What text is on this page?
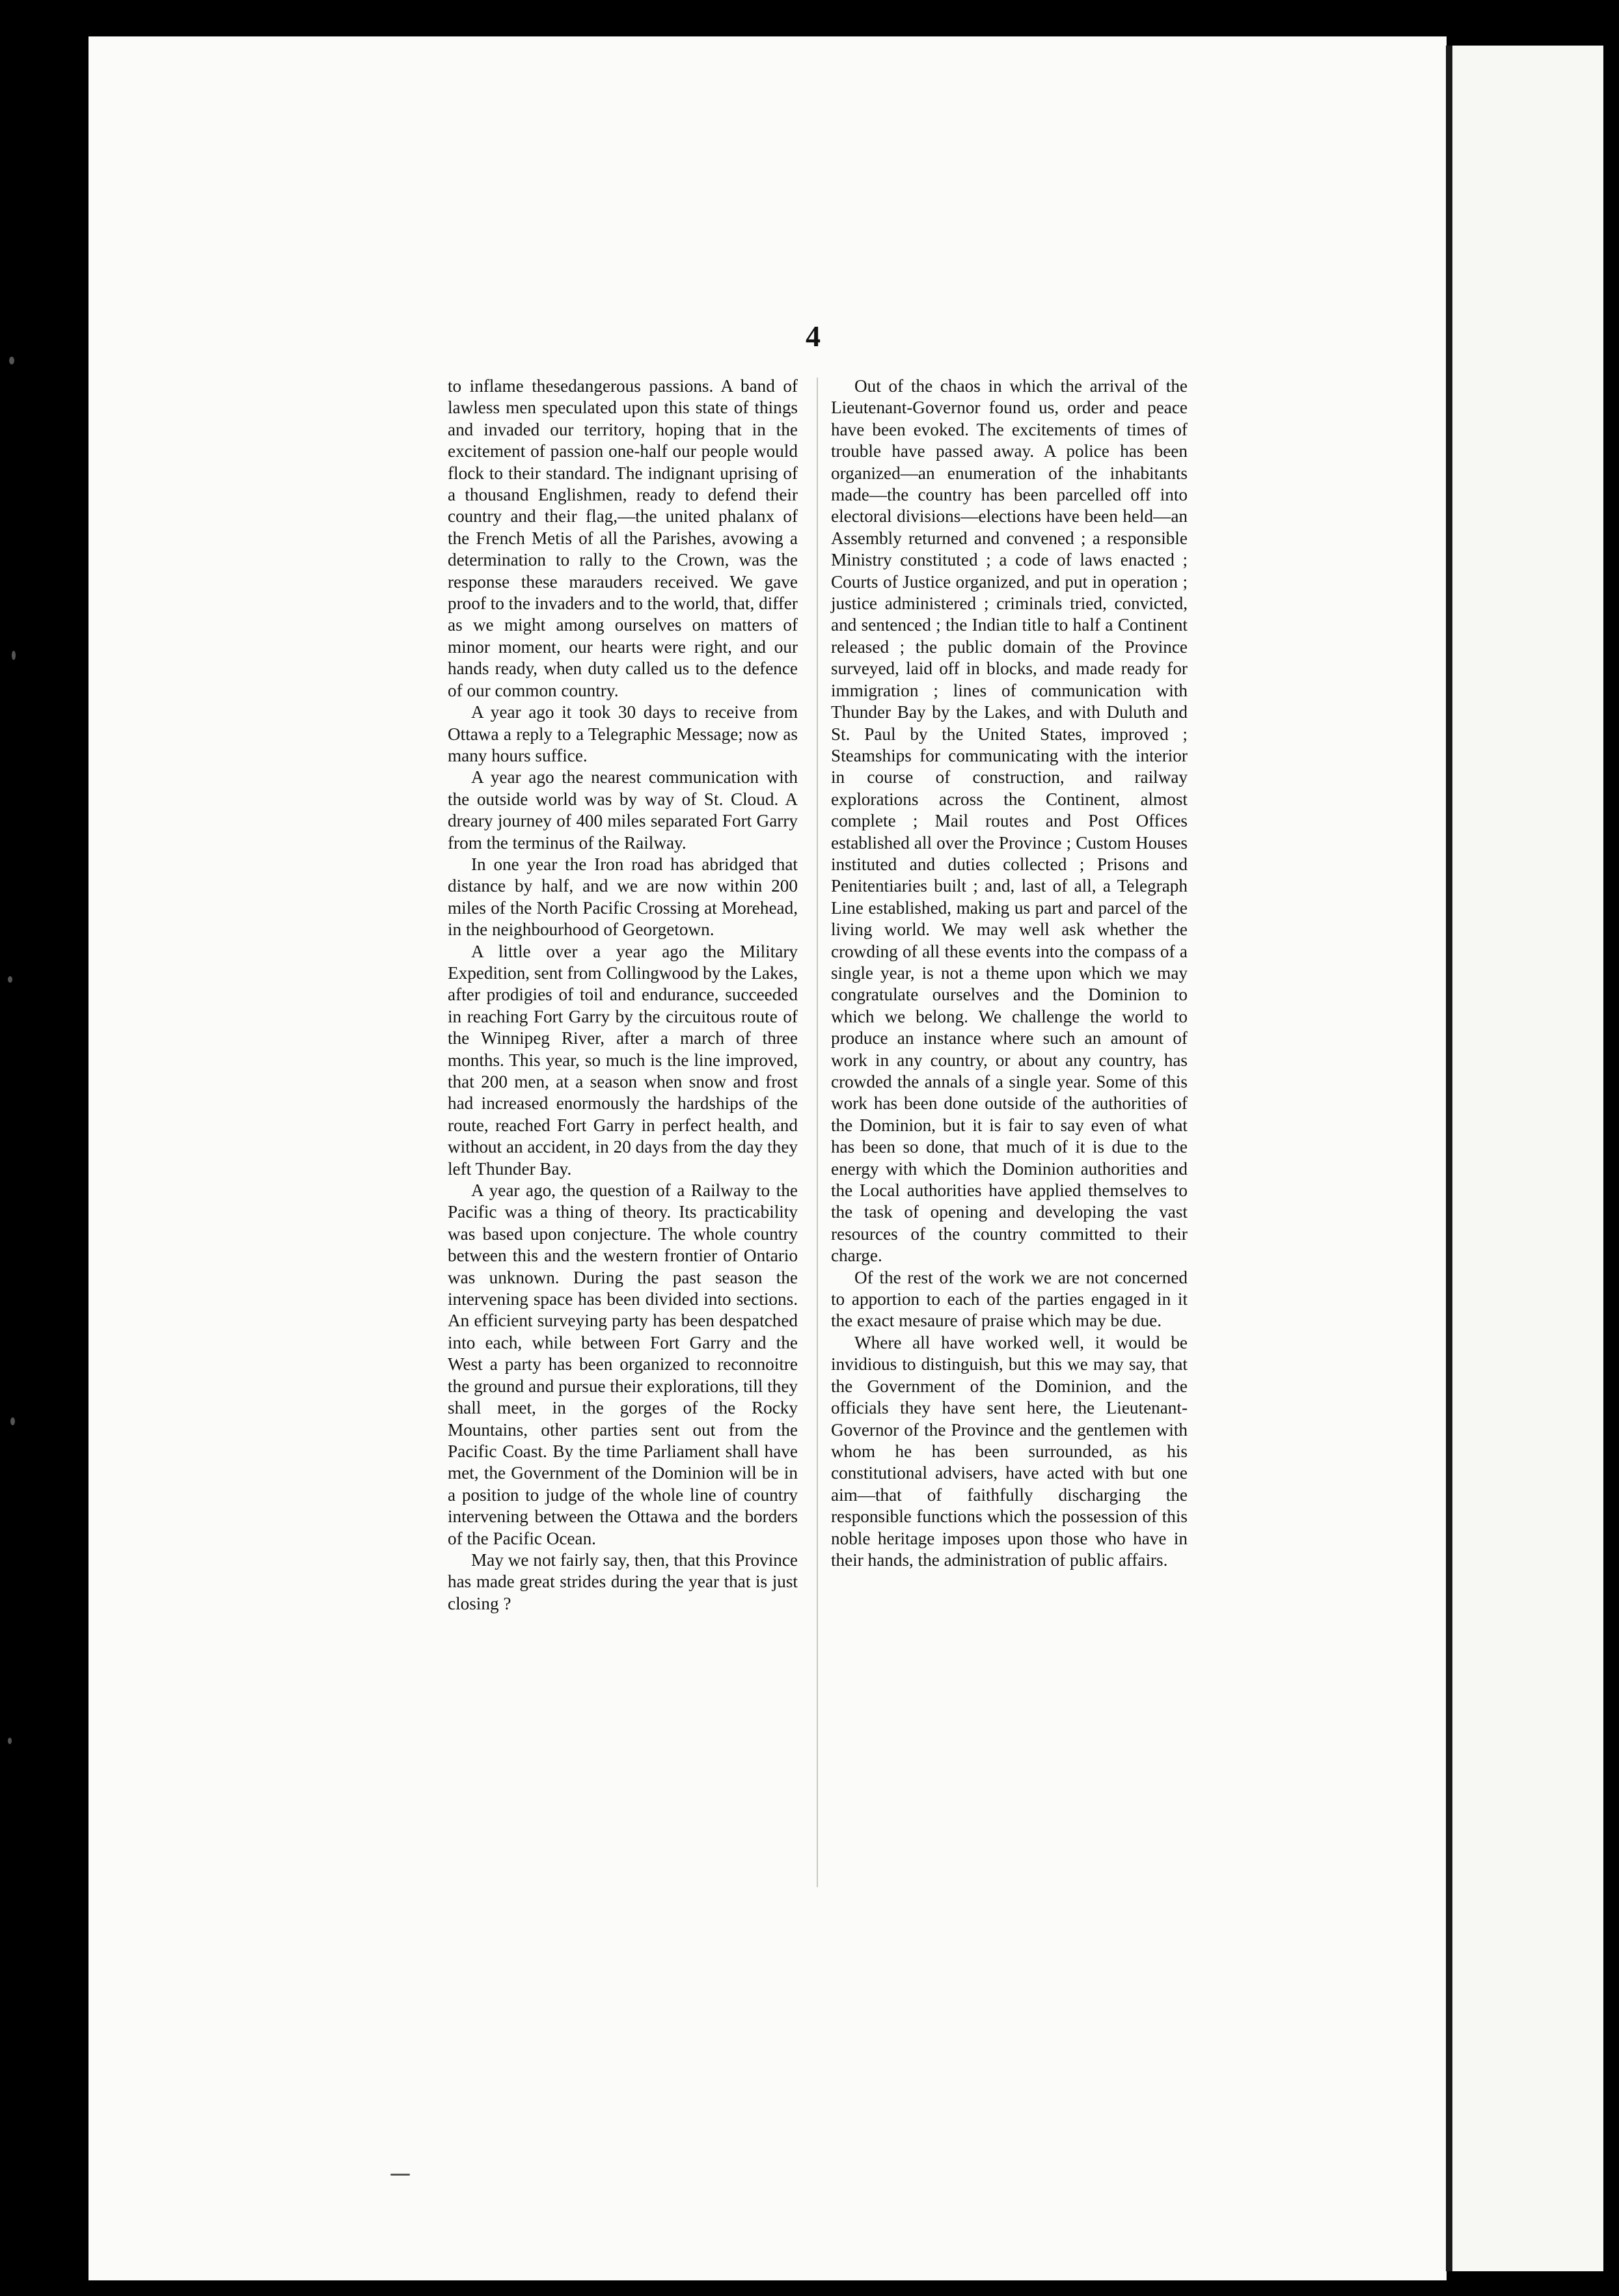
4

to inflame thesedangerous passions. A band of lawless men speculated upon this state of things and invaded our territory, hoping that in the excitement of passion one-half our people would flock to their standard. The indignant uprising of a thousand Englishmen, ready to defend their country and their flag,—the united phalanx of the French Metis of all the Parishes, avowing a determination to rally to the Crown, was the response these marauders received. We gave proof to the invaders and to the world, that, differ as we might among ourselves on matters of minor moment, our hearts were right, and our hands ready, when duty called us to the defence of our common country.

A year ago it took 30 days to receive from Ottawa a reply to a Telegraphic Message; now as many hours suffice.

A year ago the nearest communication with the outside world was by way of St. Cloud. A dreary journey of 400 miles separated Fort Garry from the terminus of the Railway.

In one year the Iron road has abridged that distance by half, and we are now within 200 miles of the North Pacific Crossing at Morehead, in the neighbourhood of Georgetown.

A little over a year ago the Military Expedition, sent from Collingwood by the Lakes, after prodigies of toil and endurance, succeeded in reaching Fort Garry by the circuitous route of the Winnipeg River, after a march of three months. This year, so much is the line improved, that 200 men, at a season when snow and frost had increased enormously the hardships of the route, reached Fort Garry in perfect health, and without an accident, in 20 days from the day they left Thunder Bay.

A year ago, the question of a Railway to the Pacific was a thing of theory. Its practicability was based upon conjecture. The whole country between this and the western frontier of Ontario was unknown. During the past season the intervening space has been divided into sections. An efficient surveying party has been despatched into each, while between Fort Garry and the West a party has been organized to reconnoitre the ground and pursue their explorations, till they shall meet, in the gorges of the Rocky Mountains, other parties sent out from the Pacific Coast. By the time Parliament shall have met, the Government of the Dominion will be in a position to judge of the whole line of country intervening between the Ottawa and the borders of the Pacific Ocean.

May we not fairly say, then, that this Province has made great strides during the year that is just closing ?

Out of the chaos in which the arrival of the Lieutenant-Governor found us, order and peace have been evoked. The excitements of times of trouble have passed away. A police has been organized—an enumeration of the inhabitants made—the country has been parcelled off into electoral divisions—elections have been held—an Assembly returned and convened ; a responsible Ministry constituted ; a code of laws enacted ; Courts of Justice organized, and put in operation ; justice administered ; criminals tried, convicted, and sentenced ; the Indian title to half a Continent released ; the public domain of the Province surveyed, laid off in blocks, and made ready for immigration ; lines of communication with Thunder Bay by the Lakes, and with Duluth and St. Paul by the United States, improved ; Steamships for communicating with the interior in course of construction, and railway explorations across the Continent, almost complete ; Mail routes and Post Offices established all over the Province ; Custom Houses instituted and duties collected ; Prisons and Penitentiaries built ; and, last of all, a Telegraph Line established, making us part and parcel of the living world. We may well ask whether the crowding of all these events into the compass of a single year, is not a theme upon which we may congratulate ourselves and the Dominion to which we belong. We challenge the world to produce an instance where such an amount of work in any country, or about any country, has crowded the annals of a single year. Some of this work has been done outside of the authorities of the Dominion, but it is fair to say even of what has been so done, that much of it is due to the energy with which the Dominion authorities and the Local authorities have applied themselves to the task of opening and developing the vast resources of the country committed to their charge.

Of the rest of the work we are not concerned to apportion to each of the parties engaged in it the exact mesaure of praise which may be due.

Where all have worked well, it would be invidious to distinguish, but this we may say, that the Government of the Dominion, and the officials they have sent here, the Lieutenant-Governor of the Province and the gentlemen with whom he has been surrounded, as his constitutional advisers, have acted with but one aim—that of faithfully discharging the responsible functions which the possession of this noble heritage imposes upon those who have in their hands, the administration of public affairs.
